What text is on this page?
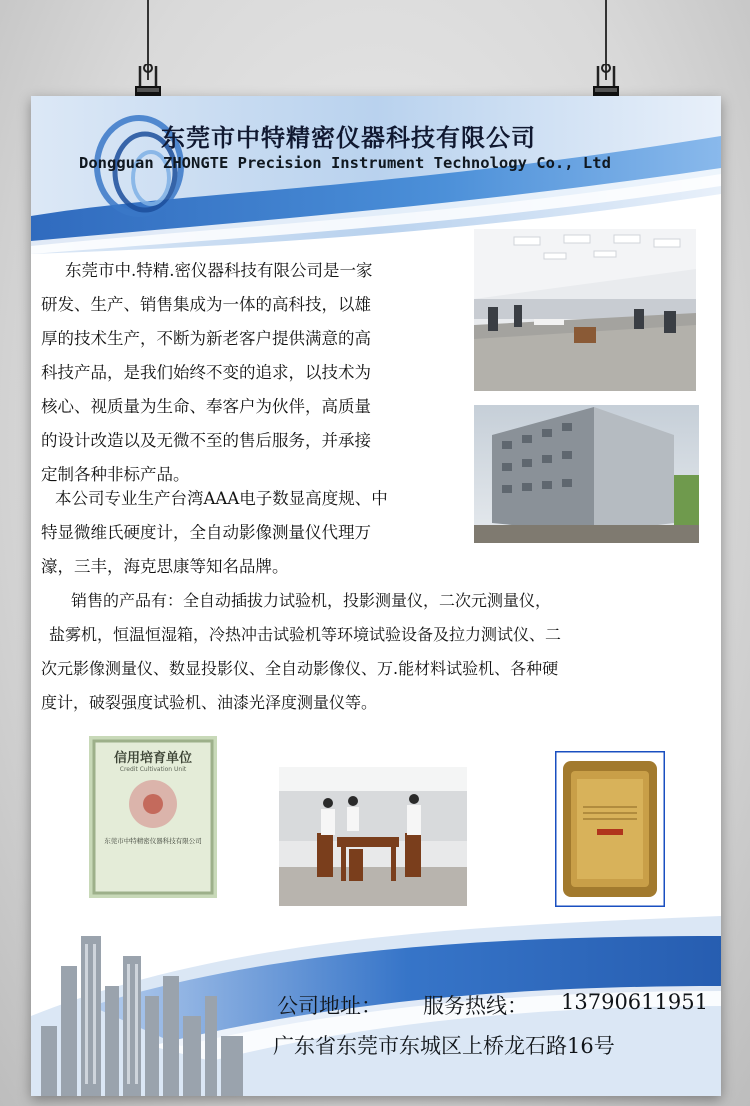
东莞市中特精密仪器科技有限公司
Dongguan ZHONGTE Precision Instrument Technology Co., Ltd
东莞市中.特精.密仪器科技有限公司是一家
研发、生产、销售集成为一体的高科技，以雄
厚的技术生产，不断为新老客户提供满意的高
科技产品，是我们始终不变的追求，以技术为
核心、视质量为生命、奉客户为伙伴，高质量
的设计改造以及无微不至的售后服务，并承接
定制各种非标产品。
本公司专业生产台湾AAA电子数显高度规、中
特显微维氏硬度计，全自动影像测量仪代理万
濠，三丰，海克思康等知名品牌。
销售的产品有：全自动插拔力试验机，投影测量仪，二次元测量仪，
盐雾机，恒温恒湿箱，冷热冲击试验机等环境试验设备及拉力测试仪、二
次元影像测量仪、数显投影仪、全自动影像仪、万.能材料试验机、各种硬
度计，破裂强度试验机、油漆光泽度测量仪等。
信用培育单位
Credit Cultivation Unit
东莞市中特精密仪器科技有限公司
公司地址： 服务热线： 13790611951
广东省东莞市东城区上桥龙石路16号
